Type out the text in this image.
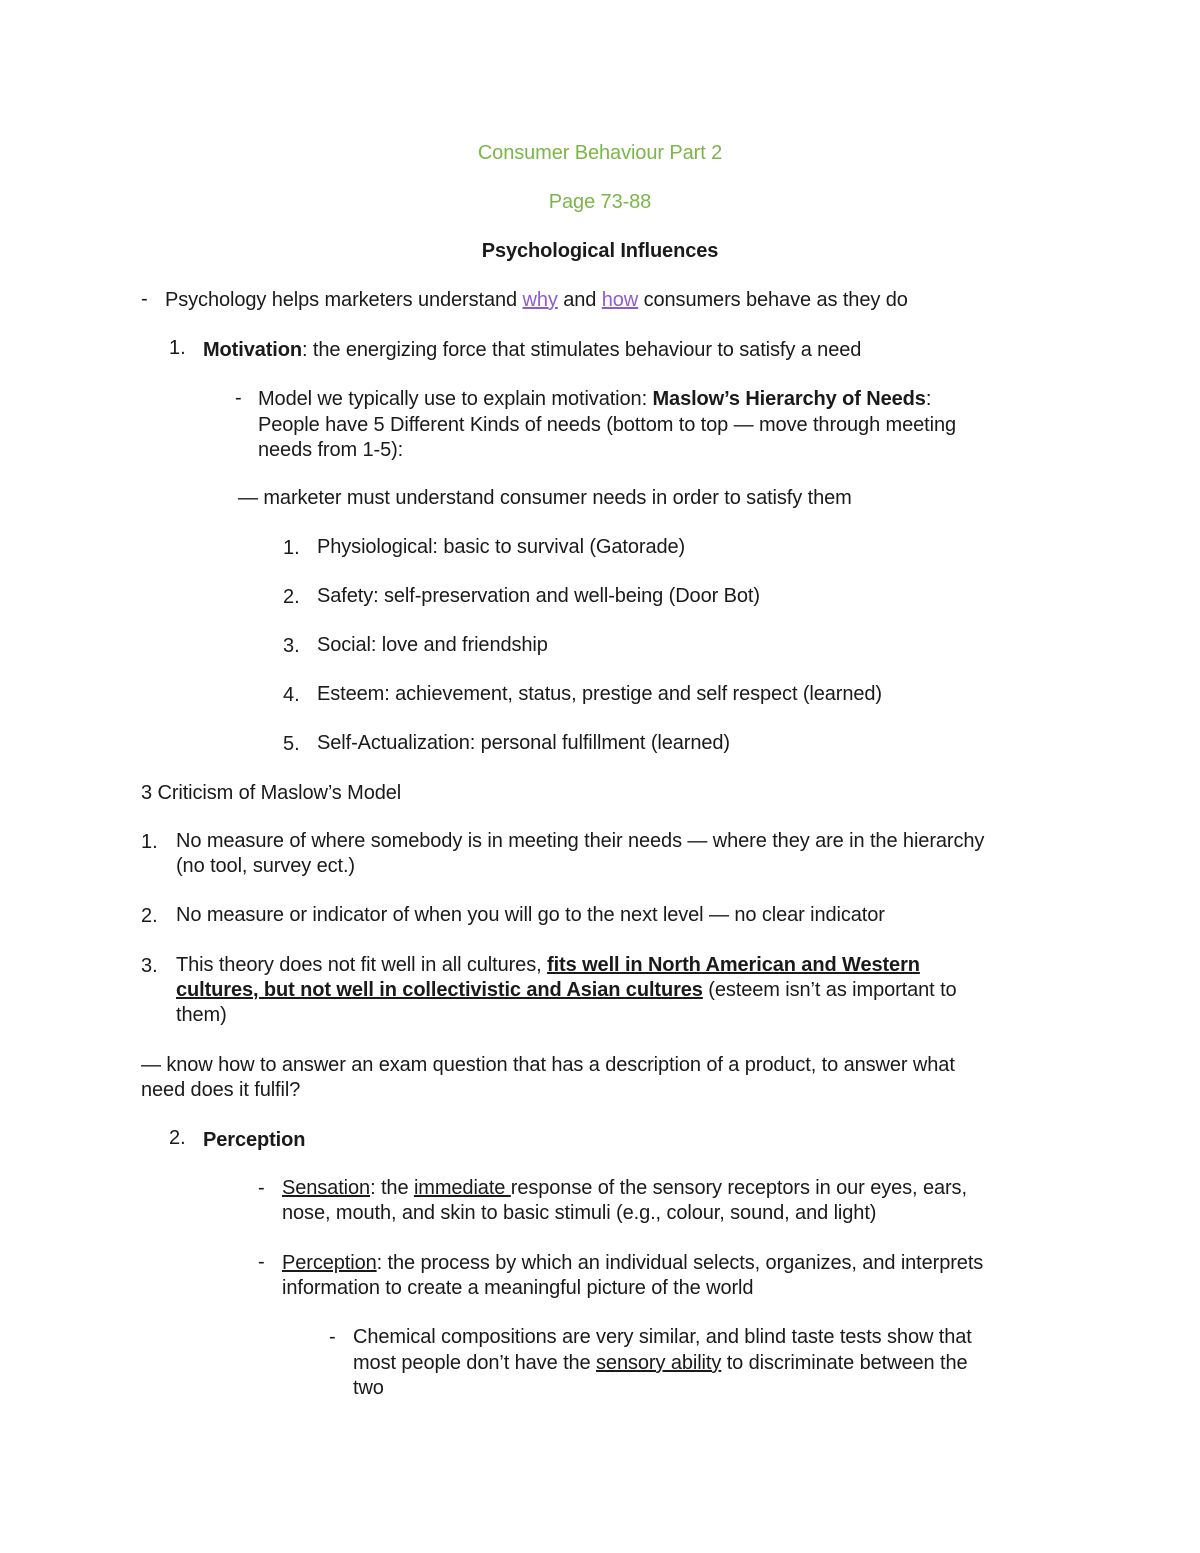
Consumer Behaviour Part 2
Page 73-88
Psychological Influences
- Psychology helps marketers understand why and how consumers behave as they do
1. Motivation: the energizing force that stimulates behaviour to satisfy a need
- Model we typically use to explain motivation: Maslow’s Hierarchy of Needs:
People have 5 Different Kinds of needs (bottom to top — move through meeting
needs from 1-5):
— marketer must understand consumer needs in order to satisfy them
1. Physiological: basic to survival (Gatorade)
2. Safety: self-preservation and well-being (Door Bot)
3. Social: love and friendship
4. Esteem: achievement, status, prestige and self respect (learned)
5. Self-Actualization: personal fulfillment (learned)
3 Criticism of Maslow’s Model
1. No measure of where somebody is in meeting their needs — where they are in the hierarchy
(no tool, survey ect.)
2. No measure or indicator of when you will go to the next level — no clear indicator
3. This theory does not fit well in all cultures, fits well in North American and Western
cultures, but not well in collectivistic and Asian cultures (esteem isn’t as important to
them)
— know how to answer an exam question that has a description of a product, to answer what
need does it fulfil?
2. Perception
- Sensation: the immediate response of the sensory receptors in our eyes, ears,
nose, mouth, and skin to basic stimuli (e.g., colour, sound, and light)
- Perception: the process by which an individual selects, organizes, and interprets
information to create a meaningful picture of the world
- Chemical compositions are very similar, and blind taste tests show that
most people don’t have the sensory ability to discriminate between the
two
